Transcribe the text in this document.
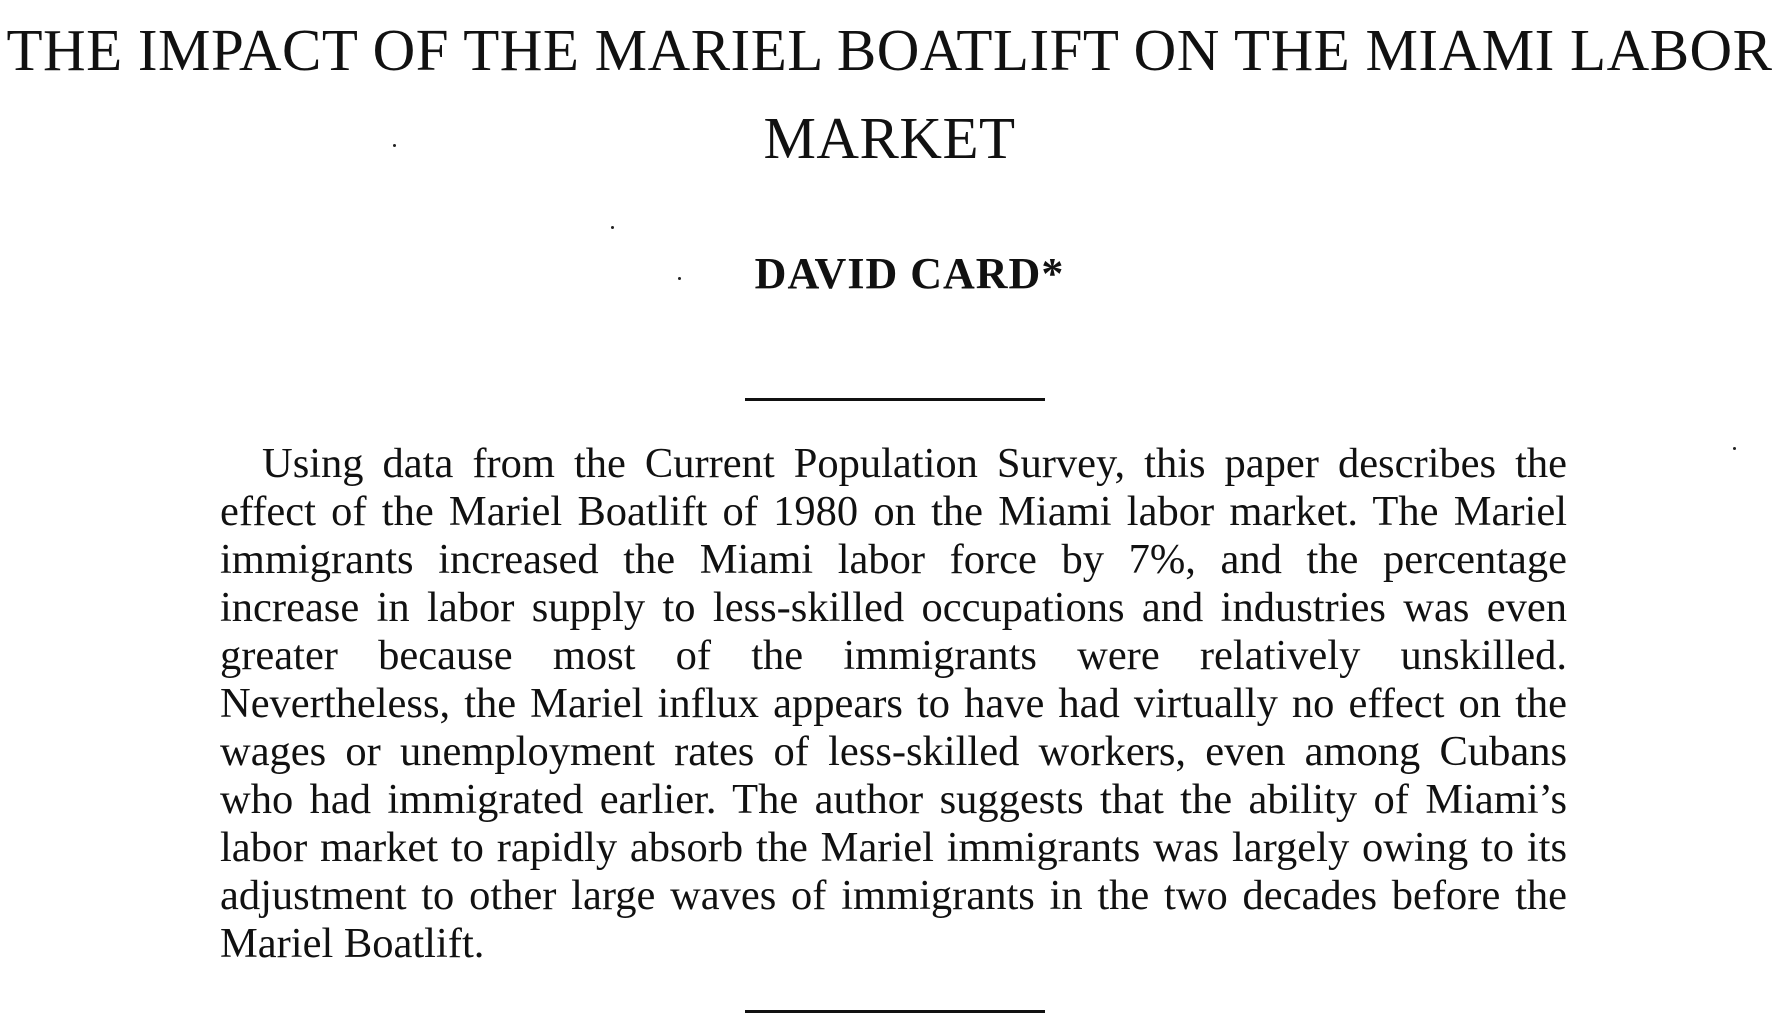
THE IMPACT OF THE MARIEL BOATLIFT ON THE MIAMI LABOR MARKET
DAVID CARD*

Using data from the Current Population Survey, this paper describes the effect of the Mariel Boatlift of 1980 on the Miami labor market. The Mariel immigrants increased the Miami labor force by 7%, and the percentage increase in labor supply to less-skilled occupations and industries was even greater because most of the immigrants were relatively unskilled. Nevertheless, the Mariel influx appears to have had virtually no effect on the wages or unemployment rates of less-skilled workers, even among Cubans who had immigrated earlier. The author suggests that the ability of Miami’s labor market to rapidly absorb the Mariel immigrants was largely owing to its adjustment to other large waves of immigrants in the two decades before the Mariel Boatlift.
